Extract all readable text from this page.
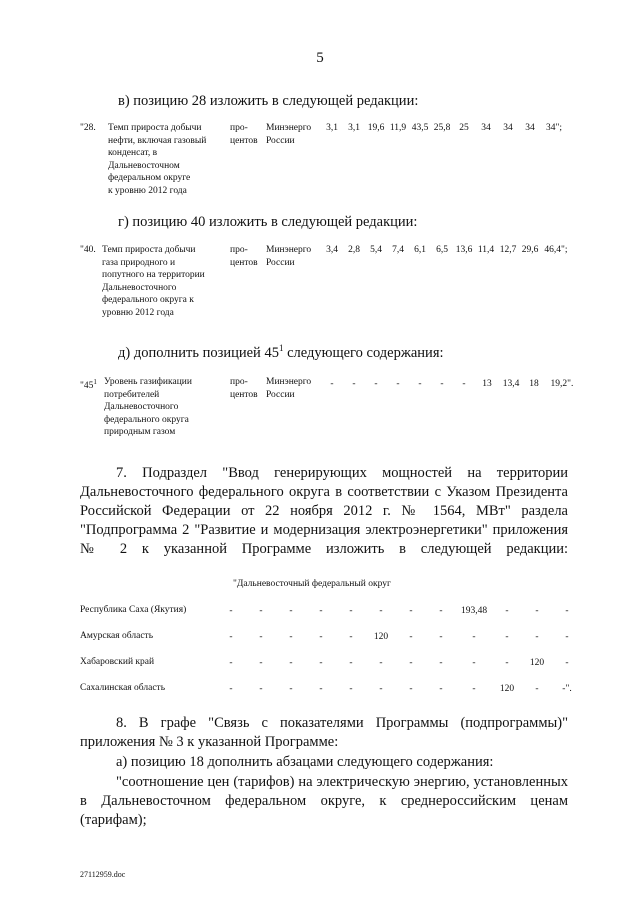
5
в) позицию 28 изложить в следующей редакции:
"28. Темп прироста добычи
нефти, включая газовый
конденсат, в
Дальневосточном
федеральном округе
к уровню 2012 года
про-
центов
Минэнерго
России
3,1	3,1 19,6 11,9 43,5 25,8 25	34	34	34	34";
г) позицию 40 изложить в следующей редакции:
"40. Темп прироста добычи
газа природного и
попутного на территории
Дальневосточного
федерального округа к
уровню 2012 года
про-
центов
Минэнерго
России
3,4	2,8	5,4	7,4	6,1	6,5 13,6 11,4 12,7 29,6 46,4";
д) дополнить позицией $45^1$ следующего содержания:
"$45^1$ Уровень газификации
потребителей
Дальневосточного
федерального округа
природным газом
про-
центов
Минэнерго
России
-	-	-	-	-	-	-	13	13,4	18	19,2".
7. Подраздел "Ввод генерирующих мощностей на территории Дальневосточного федерального округа в соответствии с Указом Президента Российской Федерации от 22 ноября 2012 г. № 1564, МВт" раздела "Подпрограмма 2 "Развитие и модернизация электроэнергетики" приложения № 2 к указанной Программе изложить в следующей редакции:
"Дальневосточный федеральный округ
Республика Саха (Якутия)	-	-	-	-	-	-	-	-	193,48	-	-	-
Амурская область	-	-	-	-	-	120	-	-	-	-	-	-
Хабаровский край	-	-	-	-	-	-	-	-	-	-	120	-
Сахалинская область	-	-	-	-	-	-	-	-	-	120	-	-".
8. В графе "Связь с показателями Программы (подпрограммы)" приложения № 3 к указанной Программе:
а) позицию 18 дополнить абзацами следующего содержания:
"соотношение цен (тарифов) на электрическую энергию, установленных в Дальневосточном федеральном округе, к среднероссийским ценам (тарифам);
27112959.doc
